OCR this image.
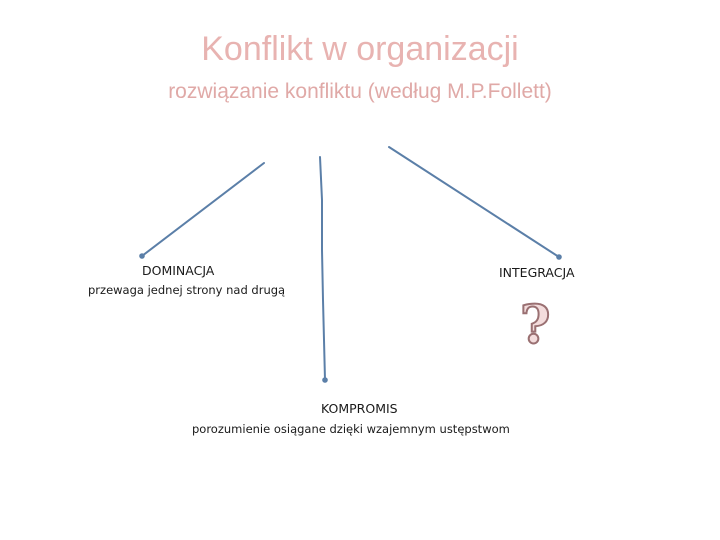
Konflikt w organizacji
rozwiązanie konfliktu (według M.P.Follett)
DOMINACJA
przewaga jednej strony nad drugą
INTEGRACJA
?
KOMPROMIS
porozumienie osiągane dzięki wzajemnym ustępstwom
